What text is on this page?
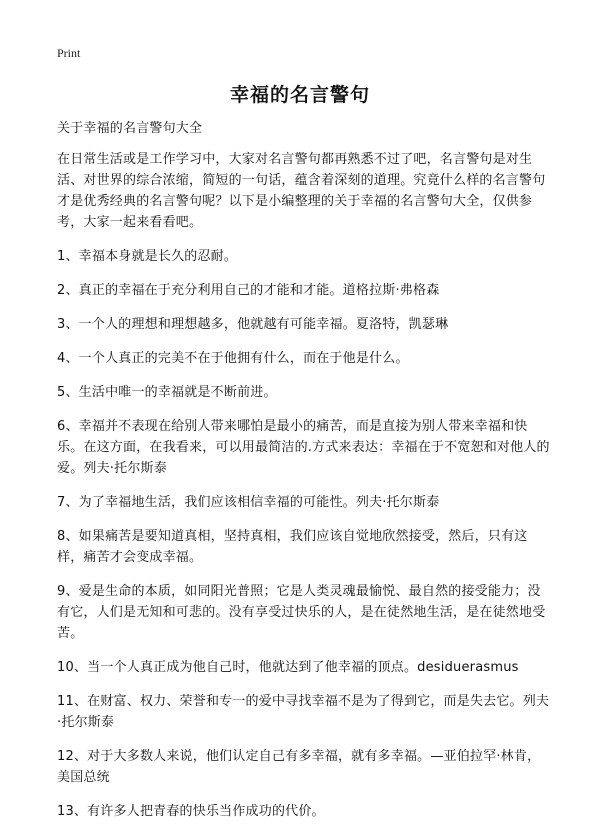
Print
幸福的名言警句

关于幸福的名言警句大全

在日常生活或是工作学习中，大家对名言警句都再熟悉不过了吧，名言警句是对生活、对世界的综合浓缩，简短的一句话，蕴含着深刻的道理。究竟什么样的名言警句才是优秀经典的名言警句呢？以下是小编整理的关于幸福的名言警句大全，仅供参考，大家一起来看看吧。

1、幸福本身就是长久的忍耐。

2、真正的幸福在于充分利用自己的才能和才能。道格拉斯·弗格森

3、一个人的理想和理想越多，他就越有可能幸福。夏洛特，凯瑟琳

4、一个人真正的完美不在于他拥有什么，而在于他是什么。

5、生活中唯一的幸福就是不断前进。

6、幸福并不表现在给别人带来哪怕是最小的痛苦，而是直接为别人带来幸福和快乐。在这方面，在我看来，可以用最简洁的.方式来表达：幸福在于不宽恕和对他人的爱。列夫·托尔斯泰

7、为了幸福地生活，我们应该相信幸福的可能性。列夫·托尔斯泰

8、如果痛苦是要知道真相，坚持真相，我们应该自觉地欣然接受，然后，只有这样，痛苦才会变成幸福。

9、爱是生命的本质，如同阳光普照；它是人类灵魂最愉悦、最自然的接受能力；没有它，人们是无知和可悲的。没有享受过快乐的人，是在徒然地生活，是在徒然地受苦。

10、当一个人真正成为他自己时，他就达到了他幸福的顶点。desiduerasmus

11、在财富、权力、荣誉和专一的爱中寻找幸福不是为了得到它，而是失去它。列夫·托尔斯泰

12、对于大多数人来说，他们认定自己有多幸福，就有多幸福。—亚伯拉罕·林肯，美国总统

13、有许多人把青春的快乐当作成功的代价。
